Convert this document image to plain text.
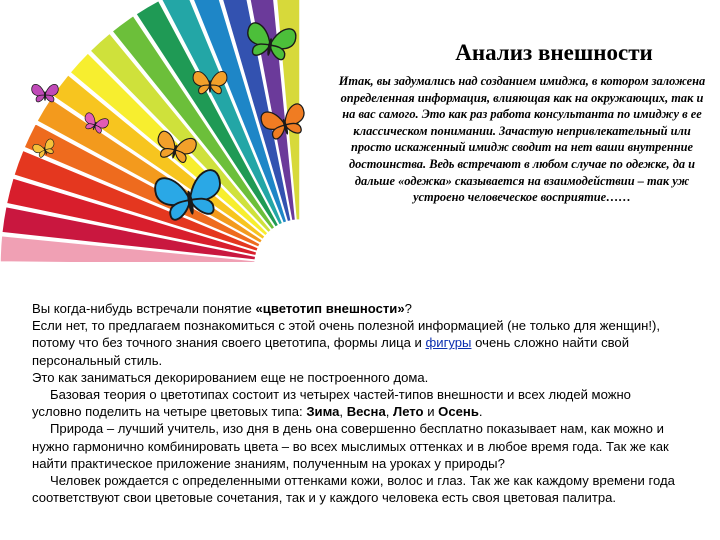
Анализ внешности
Итак, вы задумались над созданием имиджа, в котором заложена определенная информация, влияющая как на окружающих, так и на вас самого. Это как раз работа консультанта по имиджу в ее классическом понимании. Зачастую непривлекательный или просто искаженный имидж сводит на нет ваши внутренние достоинства. Ведь встречают в любом случае по одежке, да и дальше «одежка» сказывается на взаимодействии – так уж устроено человеческое восприятие……

Вы когда-нибудь встречали понятие «цветотип внешности»?

Если нет, то предлагаем познакомиться с этой очень полезной информацией (не только для женщин!), потому что без точного знания своего цветотипа, формы лица и фигуры очень сложно найти свой персональный стиль.

Это как заниматься декорированием еще не построенного дома.

Базовая теория о цветотипах состоит из четырех частей-типов внешности и всех людей можно условно поделить на четыре цветовых типа: Зима, Весна, Лето и Осень.

Природа – лучший учитель, изо дня в день она совершенно бесплатно показывает нам, как можно и нужно гармонично комбинировать цвета – во всех мыслимых оттенках и в любое время года. Так же как найти практическое приложение знаниям, полученным на уроках у природы?

Человек рождается с определенными оттенками кожи, волос и глаз. Так же как каждому времени года соответствуют свои цветовые сочетания, так и у каждого человека есть своя цветовая палитра.
